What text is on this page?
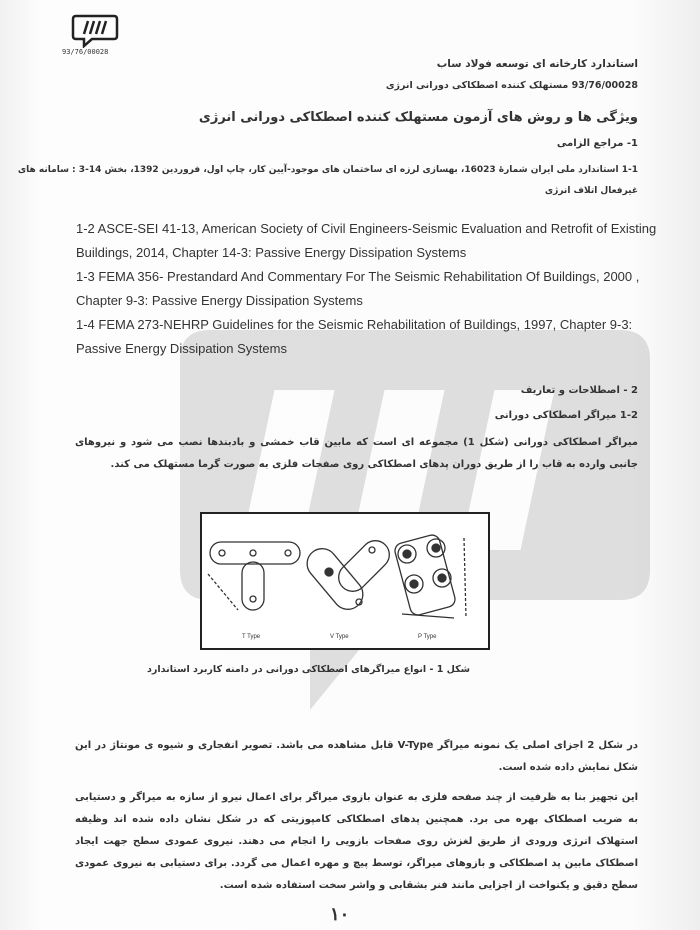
93/76/00028
استاندارد کارخانه ای توسعه فولاد ساب
93/76/00028 مستهلک کننده اصطکاکی دورانی انرژی
ویژگی ها و روش های آزمون مستهلک کننده اصطکاکی دورانی انرژی
1- مراجع الزامی
1-1 استاندارد ملی ایران شمارۀ 16023، بهسازی لرزه ای ساختمان های موجود-آیین کار، چاپ اول، فروردین 1392، بخش 14-3 : سامانه های
غیرفعال اتلاف انرژی
1-2 ASCE-SEI 41-13, American Society of Civil Engineers-Seismic Evaluation and Retrofit of Existing Buildings, 2014, Chapter 14-3: Passive Energy Dissipation Systems
1-3 FEMA 356- Prestandard And Commentary For The Seismic Rehabilitation Of Buildings, 2000 , Chapter 9-3: Passive Energy Dissipation Systems
1-4 FEMA 273-NEHRP Guidelines for the Seismic Rehabilitation of Buildings, 1997, Chapter 9-3: Passive Energy Dissipation Systems
2 - اصطلاحات و تعاریف
1-2 میراگر اصطکاکی دورانی
میراگر اصطکاکی دورانی (شکل 1) مجموعه ای است که مابین قاب خمشی و بادبندها نصب می شود و نیروهای جانبی وارده به قاب را از طریق دوران پدهای اصطکاکی روی صفحات فلزی به صورت گرما مستهلک می کند.
T Type	V Type	P Type
شکل 1 - انواع میراگرهای اصطکاکی دورانی در دامنه کاربرد استاندارد
در شکل 2 اجزای اصلی یک نمونه میراگر V-Type قابل مشاهده می باشد. تصویر انفجاری و شیوه ی مونتاژ در این شکل نمایش داده شده است.
این تجهیز بنا به ظرفیت از چند صفحه فلزی به عنوان بازوی میراگر برای اعمال نیرو از سازه به میراگر و دستیابی به ضریب اصطکاک بهره می برد. همچنین پدهای اصطکاکی کامپوزیتی که در شکل نشان داده شده اند وظیفه استهلاک انرژی ورودی از طریق لغزش روی صفحات بازویی را انجام می دهند. نیروی عمودی سطح جهت ایجاد اصطکاک مابین پد اصطکاکی و بازوهای میراگر، توسط پیچ و مهره اعمال می گردد. برای دستیابی به نیروی عمودی سطح دقیق و یکنواخت از اجزایی مانند فنر بشقابی و واشر سخت استفاده شده است.
۱۰
